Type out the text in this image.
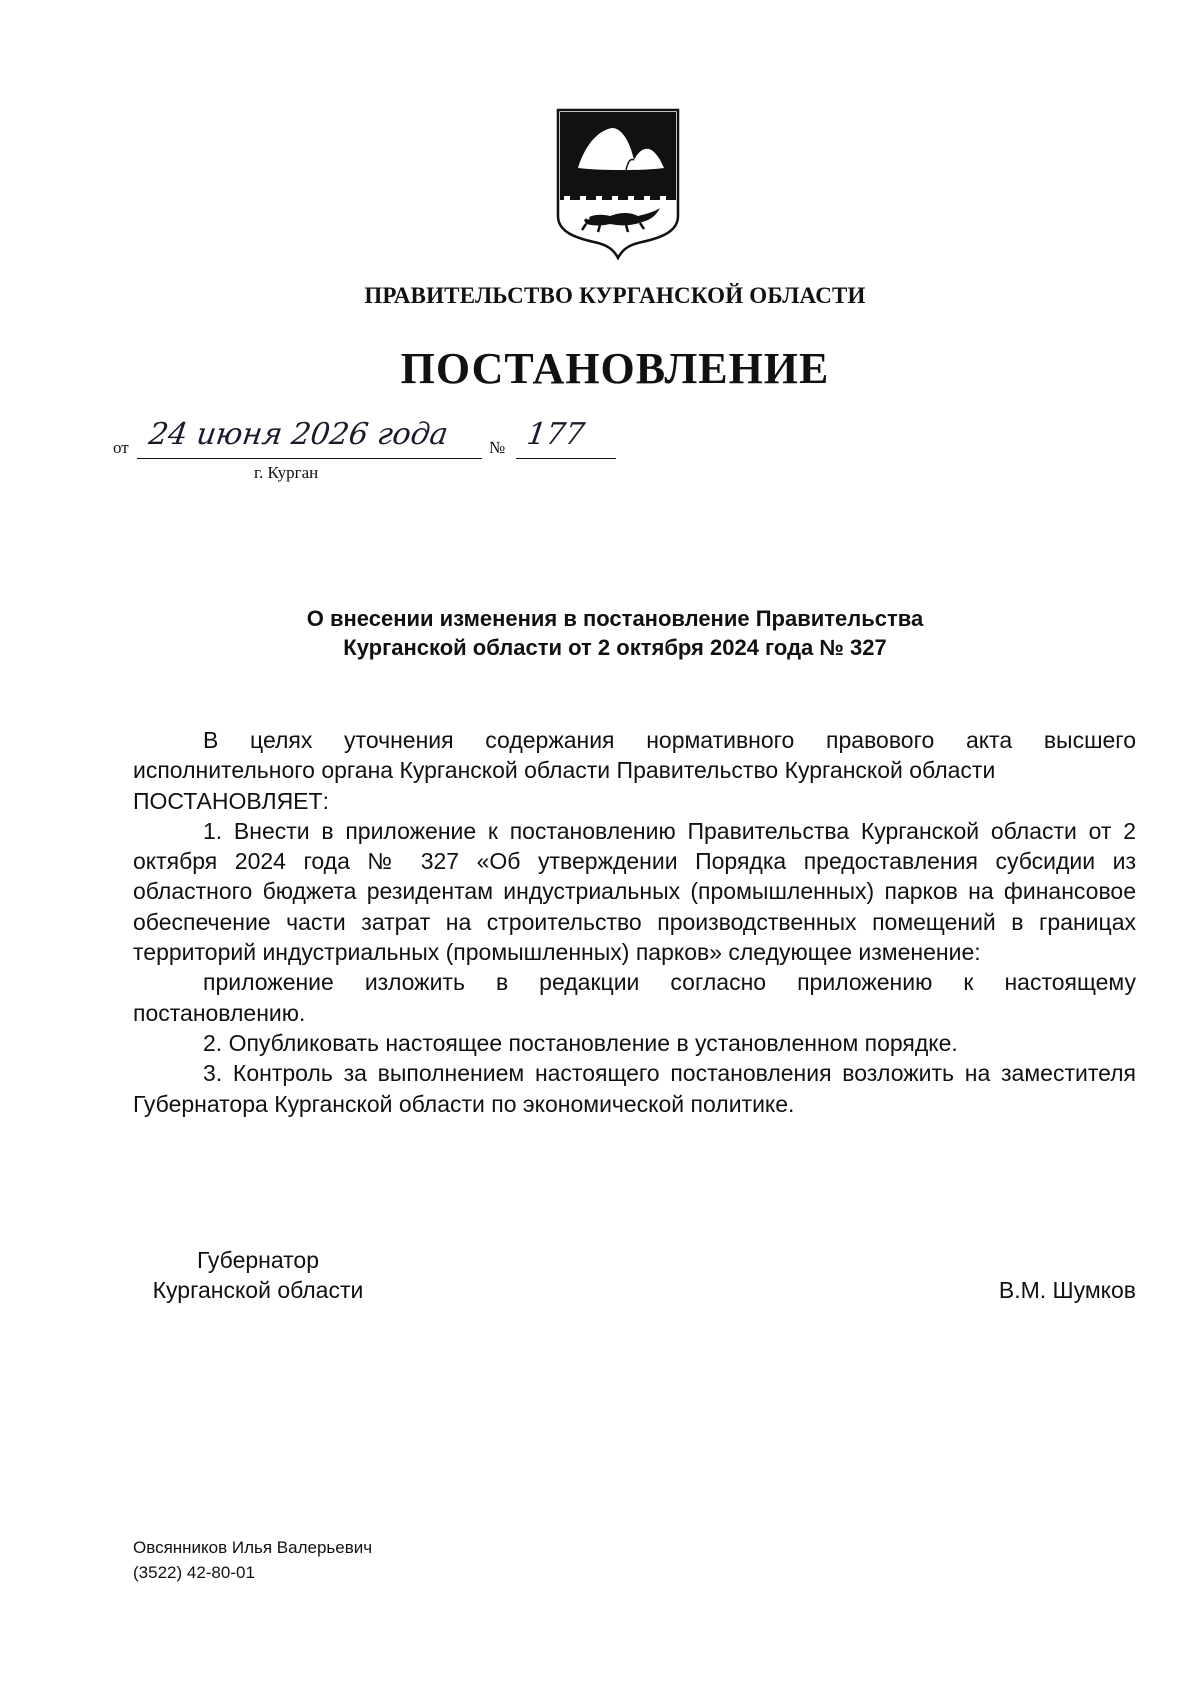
ПРАВИТЕЛЬСТВО КУРГАНСКОЙ ОБЛАСТИ
ПОСТАНОВЛЕНИЕ
от 24 июня 2026 года № 177
г. Курган
О внесении изменения в постановление Правительства
Курганской области от 2 октября 2024 года № 327

В целях уточнения содержания нормативного правового акта высшего исполнительного органа Курганской области Правительство Курганской области

ПОСТАНОВЛЯЕТ:

1. Внести в приложение к постановлению Правительства Курганской области от 2 октября 2024 года № 327 «Об утверждении Порядка предоставления субсидии из областного бюджета резидентам индустриальных (промышленных) парков на финансовое обеспечение части затрат на строительство производственных помещений в границах территорий индустриальных (промышленных) парков» следующее изменение:

приложение изложить в редакции согласно приложению к настоящему постановлению.

2. Опубликовать настоящее постановление в установленном порядке.

3. Контроль за выполнением настоящего постановления возложить на заместителя Губернатора Курганской области по экономической политике.

Губернатор
Курганской области	В.М. Шумков
Овсянников Илья Валерьевич
(3522) 42-80-01
